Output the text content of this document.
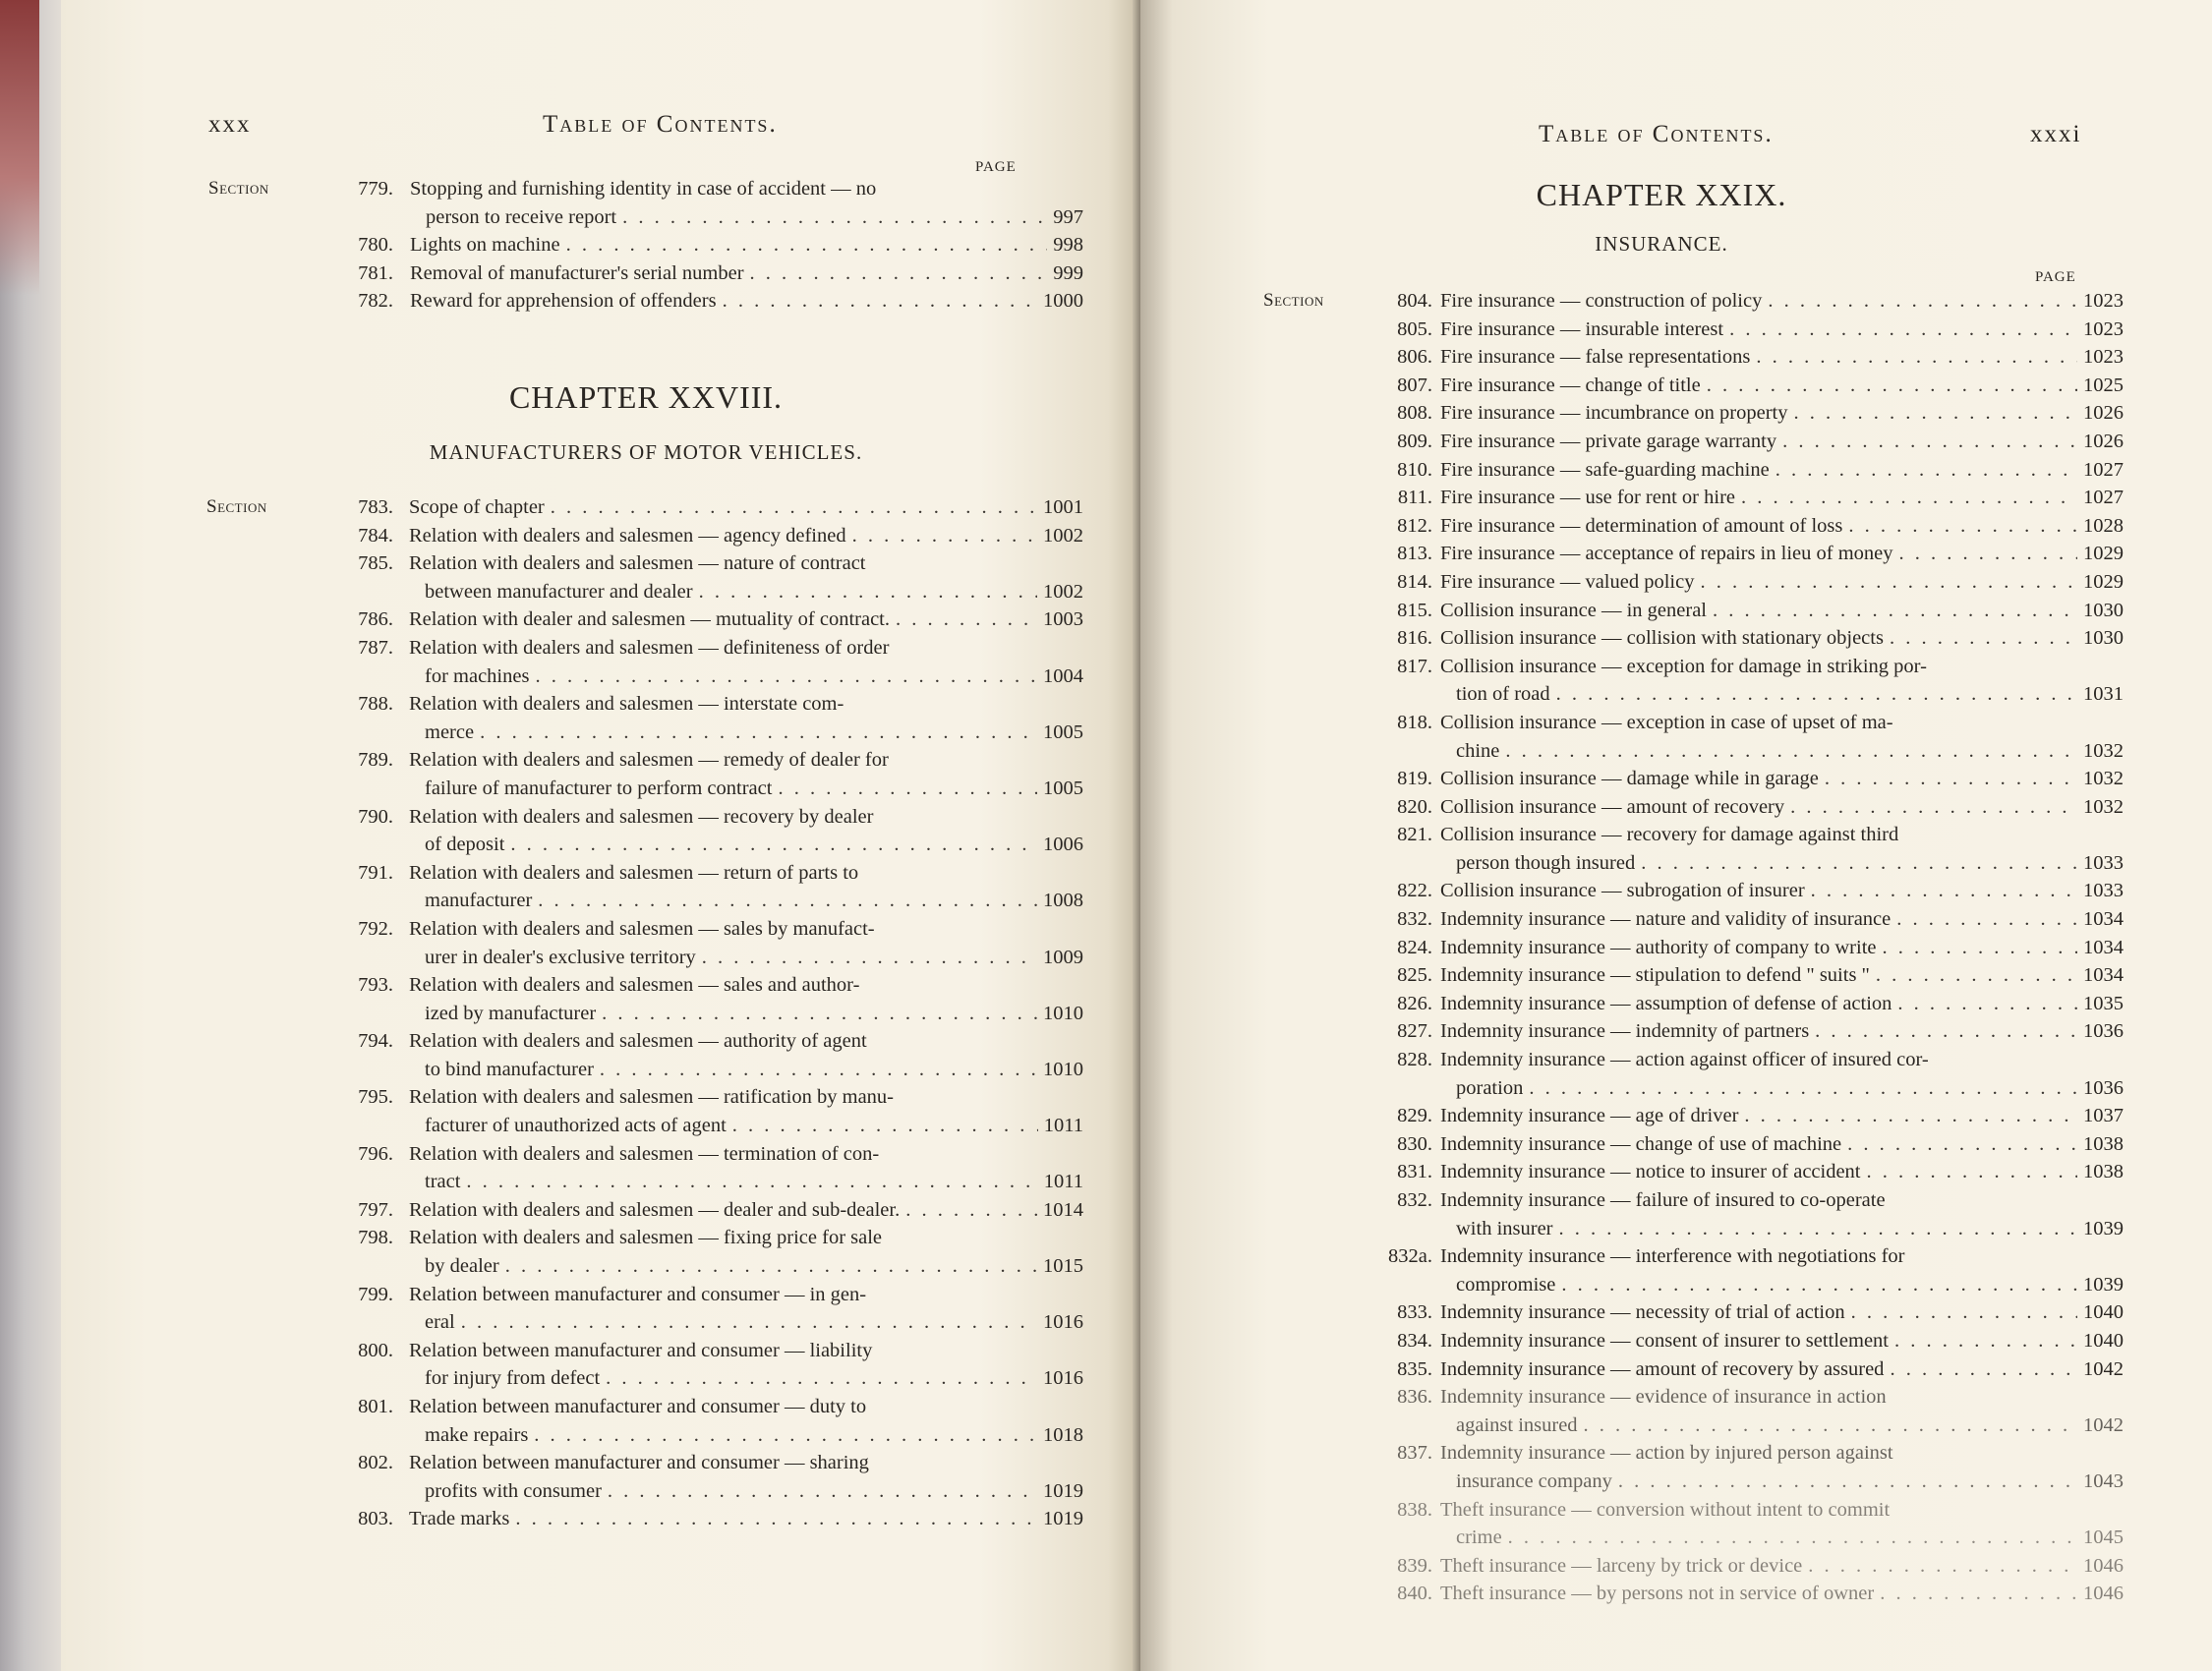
xxx	Table of Contents.
PAGE
Section	779. Stopping and furnishing identity in case of accident — no
person to receive report . . .	997
780. Lights on machine . . .	998
781. Removal of manufacturer's serial number . . .	999
782. Reward for apprehension of offenders . . .	1000
CHAPTER XXVIII.
MANUFACTURERS OF MOTOR VEHICLES.
Section	783. Scope of chapter . . .	1001
784. Relation with dealers and salesmen — agency defined . . .	1002
785. Relation with dealers and salesmen — nature of contract
between manufacturer and dealer . . .	1002
786. Relation with dealer and salesmen — mutuality of contract. . . .	1003
787. Relation with dealers and salesmen — definiteness of order
for machines . . .	1004
788. Relation with dealers and salesmen — interstate com-
merce . . .	1005
789. Relation with dealers and salesmen — remedy of dealer for
failure of manufacturer to perform contract . . .	1005
790. Relation with dealers and salesmen — recovery by dealer
of deposit . . .	1006
791. Relation with dealers and salesmen — return of parts to
manufacturer . . .	1008
792. Relation with dealers and salesmen — sales by manufact-
urer in dealer's exclusive territory . . .	1009
793. Relation with dealers and salesmen — sales and author-
ized by manufacturer . . .	1010
794. Relation with dealers and salesmen — authority of agent
to bind manufacturer . . .	1010
795. Relation with dealers and salesmen — ratification by manu-
facturer of unauthorized acts of agent . . .	1011
796. Relation with dealers and salesmen — termination of con-
tract . . .	1011
797. Relation with dealers and salesmen — dealer and sub-dealer. . . .	1014
798. Relation with dealers and salesmen — fixing price for sale
by dealer . . .	1015
799. Relation between manufacturer and consumer — in gen-
eral . . .	1016
800. Relation between manufacturer and consumer — liability
for injury from defect . . .	1016
801. Relation between manufacturer and consumer — duty to
make repairs . . .	1018
802. Relation between manufacturer and consumer — sharing
profits with consumer . . .	1019
803. Trade marks . . .	1019
Table of Contents.	xxxi
CHAPTER XXIX.
INSURANCE.
PAGE
Section	804. Fire insurance — construction of policy . . .	1023
805. Fire insurance — insurable interest . . .	1023
806. Fire insurance — false representations . . .	1023
807. Fire insurance — change of title . . .	1025
808. Fire insurance — incumbrance on property . . .	1026
809. Fire insurance — private garage warranty . . .	1026
810. Fire insurance — safe-guarding machine . . .	1027
811. Fire insurance — use for rent or hire . . .	1027
812. Fire insurance — determination of amount of loss . . .	1028
813. Fire insurance — acceptance of repairs in lieu of money . . .	1029
814. Fire insurance — valued policy . . .	1029
815. Collision insurance — in general . . .	1030
816. Collision insurance — collision with stationary objects . . .	1030
817. Collision insurance — exception for damage in striking por-
tion of road . . .	1031
818. Collision insurance — exception in case of upset of ma-
chine . . .	1032
819. Collision insurance — damage while in garage . . .	1032
820. Collision insurance — amount of recovery . . .	1032
821. Collision insurance — recovery for damage against third
person though insured . . .	1033
822. Collision insurance — subrogation of insurer . . .	1033
832. Indemnity insurance — nature and validity of insurance . . .	1034
824. Indemnity insurance — authority of company to write . . .	1034
825. Indemnity insurance — stipulation to defend " suits " . . .	1034
826. Indemnity insurance — assumption of defense of action . . .	1035
827. Indemnity insurance — indemnity of partners . . .	1036
828. Indemnity insurance — action against officer of insured cor-
poration . . .	1036
829. Indemnity insurance — age of driver . . .	1037
830. Indemnity insurance — change of use of machine . . .	1038
831. Indemnity insurance — notice to insurer of accident . . .	1038
832. Indemnity insurance — failure of insured to co-operate
with insurer . . .	1039
832a. Indemnity insurance — interference with negotiations for
compromise . . .	1039
833. Indemnity insurance — necessity of trial of action . . .	1040
834. Indemnity insurance — consent of insurer to settlement . . .	1040
835. Indemnity insurance — amount of recovery by assured . . .	1042
836. Indemnity insurance — evidence of insurance in action
against insured . . .	1042
837. Indemnity insurance — action by injured person against
insurance company . . .	1043
838. Theft insurance — conversion without intent to commit
crime . . .	1045
839. Theft insurance — larceny by trick or device . . .	1046
840. Theft insurance — by persons not in service of owner . . .	1046
